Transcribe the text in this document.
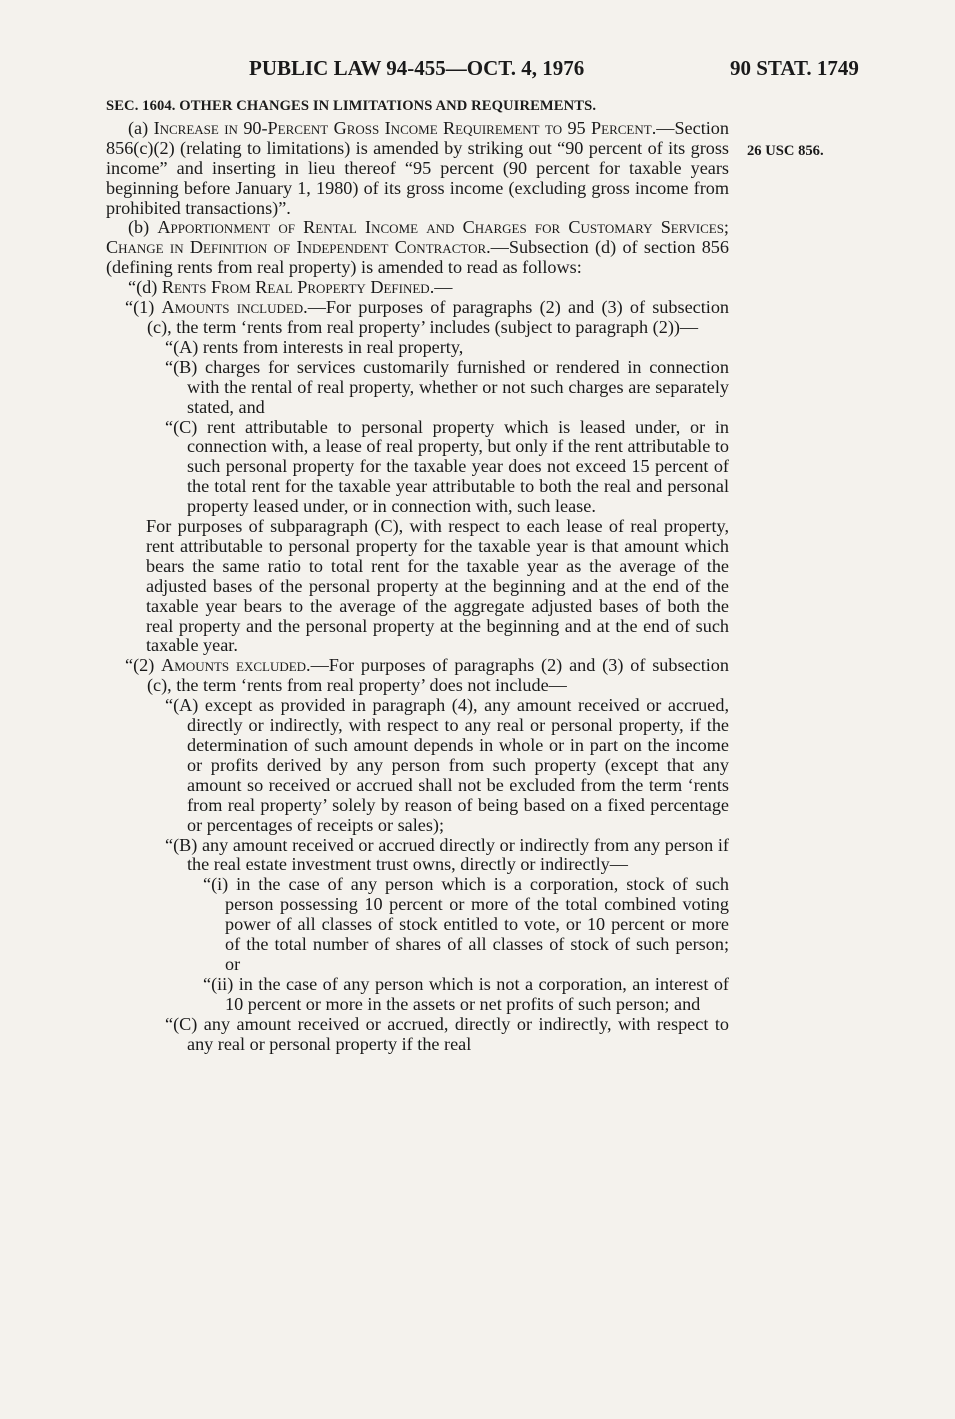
PUBLIC LAW 94-455—OCT. 4, 1976	90 STAT. 1749
26 USC 856.

SEC. 1604. OTHER CHANGES IN LIMITATIONS AND REQUIREMENTS.

(a) Increase in 90-Percent Gross Income Requirement to 95 Percent.—Section 856(c)(2) (relating to limitations) is amended by striking out “90 percent of its gross income” and inserting in lieu thereof “95 percent (90 percent for taxable years beginning before January 1, 1980) of its gross income (excluding gross income from prohibited transactions)”.

(b) Apportionment of Rental Income and Charges for Customary Services; Change in Definition of Independent Contractor.—Subsection (d) of section 856 (defining rents from real property) is amended to read as follows:

“(d) Rents From Real Property Defined.—

“(1) Amounts included.—For purposes of paragraphs (2) and (3) of subsection (c), the term ‘rents from real property’ includes (subject to paragraph (2))—

“(A) rents from interests in real property,

“(B) charges for services customarily furnished or rendered in connection with the rental of real property, whether or not such charges are separately stated, and

“(C) rent attributable to personal property which is leased under, or in connection with, a lease of real property, but only if the rent attributable to such personal property for the taxable year does not exceed 15 percent of the total rent for the taxable year attributable to both the real and personal property leased under, or in connection with, such lease.

For purposes of subparagraph (C), with respect to each lease of real property, rent attributable to personal property for the taxable year is that amount which bears the same ratio to total rent for the taxable year as the average of the adjusted bases of the personal property at the beginning and at the end of the taxable year bears to the average of the aggregate adjusted bases of both the real property and the personal property at the beginning and at the end of such taxable year.

“(2) Amounts excluded.—For purposes of paragraphs (2) and (3) of subsection (c), the term ‘rents from real property’ does not include—

“(A) except as provided in paragraph (4), any amount received or accrued, directly or indirectly, with respect to any real or personal property, if the determination of such amount depends in whole or in part on the income or profits derived by any person from such property (except that any amount so received or accrued shall not be excluded from the term ‘rents from real property’ solely by reason of being based on a fixed percentage or percentages of receipts or sales);

“(B) any amount received or accrued directly or indirectly from any person if the real estate investment trust owns, directly or indirectly—

“(i) in the case of any person which is a corporation, stock of such person possessing 10 percent or more of the total combined voting power of all classes of stock entitled to vote, or 10 percent or more of the total number of shares of all classes of stock of such person; or

“(ii) in the case of any person which is not a corporation, an interest of 10 percent or more in the assets or net profits of such person; and

“(C) any amount received or accrued, directly or indirectly, with respect to any real or personal property if the real
